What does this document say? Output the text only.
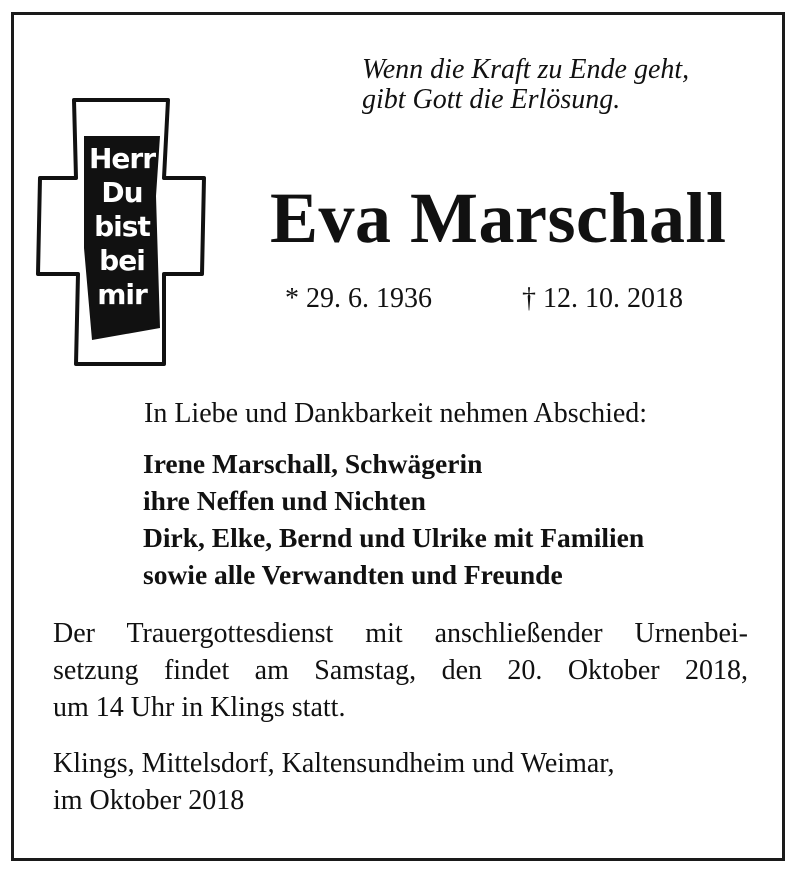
Herr
Du
bist
bei
mir
Wenn die Kraft zu Ende geht,
gibt Gott die Erlösung.
Eva Marschall
* 29. 6. 1936	† 12. 10. 2018
In Liebe und Dankbarkeit nehmen Abschied:
Irene Marschall, Schwägerin
ihre Neffen und Nichten
Dirk, Elke, Bernd und Ulrike mit Familien
sowie alle Verwandten und Freunde
Der Trauergottesdienst mit anschließender Urnenbei-
setzung findet am Samstag, den 20. Oktober 2018,
um 14 Uhr in Klings statt.
Klings, Mittelsdorf, Kaltensundheim und Weimar,
im Oktober 2018
